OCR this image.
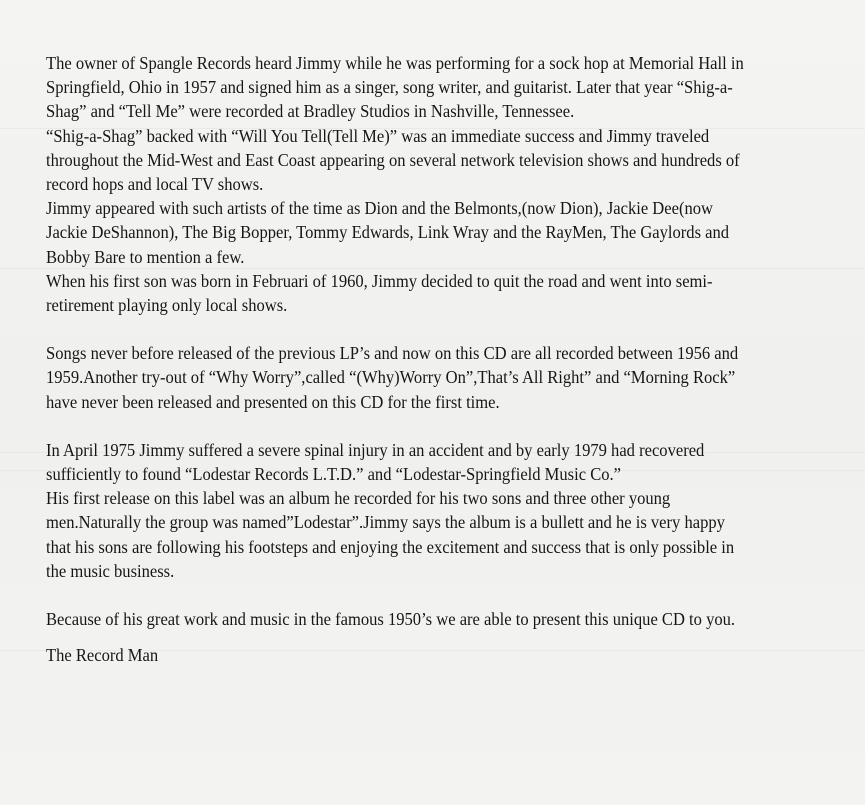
The owner of Spangle Records heard Jimmy while he was performing for a sock hop at Memorial Hall in
Springfield, Ohio in 1957 and signed him as a singer, song writer, and guitarist. Later that year “Shig-a-
Shag” and “Tell Me” were recorded at Bradley Studios in Nashville, Tennessee.
“Shig-a-Shag” backed with “Will You Tell(Tell Me)” was an immediate success and Jimmy traveled
throughout the Mid-West and East Coast appearing on several network television shows and hundreds of
record hops and local TV shows.
Jimmy appeared with such artists of the time as Dion and the Belmonts,(now Dion), Jackie Dee(now
Jackie DeShannon), The Big Bopper, Tommy Edwards, Link Wray and the RayMen, The Gaylords and
Bobby Bare to mention a few.
When his first son was born in Februari of 1960, Jimmy decided to quit the road and went into semi-
retirement playing only local shows.
Songs never before released of the previous LP’s and now on this CD are all recorded between 1956 and
1959.Another try-out of “Why Worry”,called “(Why)Worry On”,That’s All Right” and “Morning Rock”
have never been released and presented on this CD for the first time.
In April 1975 Jimmy suffered a severe spinal injury in an accident and by early 1979 had recovered
sufficiently to found “Lodestar Records L.T.D.” and “Lodestar-Springfield Music Co.”
His first release on this label was an album he recorded for his two sons and three other young
men.Naturally the group was named”Lodestar”.Jimmy says the album is a bullett and he is very happy
that his sons are following his footsteps and enjoying the excitement and success that is only possible in
the music business.
Because of his great work and music in the famous 1950’s we are able to present this unique CD to you.
The Record Man
